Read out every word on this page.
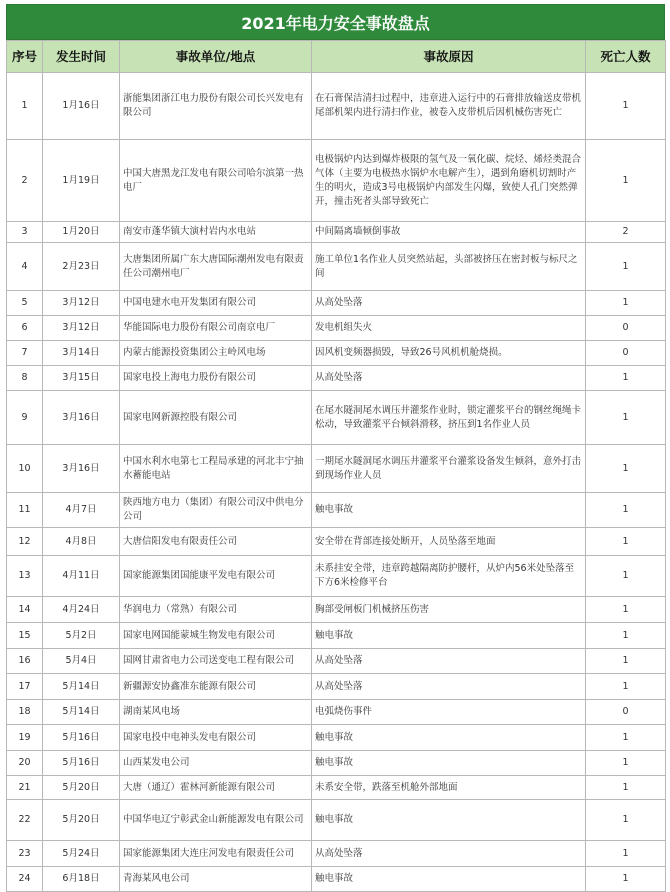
2021年电力安全事故盘点
序号	发生时间	事故单位/地点	事故原因	死亡人数
1	1月16日	浙能集团浙江电力股份有限公司长兴发电有限公司	在石膏保洁清扫过程中，违章进入运行中的石膏排放输送皮带机尾部机架内进行清扫作业，被卷入皮带机后因机械伤害死亡	1
2	1月19日	中国大唐黑龙江发电有限公司哈尔滨第一热电厂	电极锅炉内达到爆炸极限的氢气及一氧化碳、烷烃、烯烃类混合气体（主要为电极热水锅炉水电解产生），遇到角磨机切割时产生的明火，造成3号电极锅炉内部发生闪爆，致使人孔门突然弹开，撞击死者头部导致死亡	1
3	1月20日	南安市蓬华镇大演村岩内水电站	中间隔离墙倾倒事故	2
4	2月23日	大唐集团所属广东大唐国际潮州发电有限责任公司潮州电厂	施工单位1名作业人员突然站起，头部被挤压在密封板与标尺之间	1
5	3月12日	中国电建水电开发集团有限公司	从高处坠落	1
6	3月12日	华能国际电力股份有限公司南京电厂	发电机组失火	0
7	3月14日	内蒙古能源投资集团公主岭风电场	因风机变频器损毁，导致26号风机机舱烧损。	0
8	3月15日	国家电投上海电力股份有限公司	从高处坠落	1
9	3月16日	国家电网新源控股有限公司	在尾水隧洞尾水调压井灌浆作业时，锁定灌浆平台的钢丝绳绳卡松动，导致灌浆平台倾斜滑移，挤压到1名作业人员	1
10	3月16日	中国水利水电第七工程局承建的河北丰宁抽水蓄能电站	一期尾水隧洞尾水调压井灌浆平台灌浆设备发生倾斜，意外打击到现场作业人员	1
11	4月7日	陕西地方电力（集团）有限公司汉中供电分公司	触电事故	1
12	4月8日	大唐信阳发电有限责任公司	安全带在背部连接处断开，人员坠落至地面	1
13	4月11日	国家能源集团国能康平发电有限公司	未系挂安全带，违章跨越隔离防护腰杆，从炉内56米处坠落至下方6米检修平台	1
14	4月24日	华润电力（常熟）有限公司	胸部受闸板门机械挤压伤害	1
15	5月2日	国家电网国能蒙城生物发电有限公司	触电事故	1
16	5月4日	国网甘肃省电力公司送变电工程有限公司	从高处坠落	1
17	5月14日	新疆源安协鑫准东能源有限公司	从高处坠落	1
18	5月14日	湖南某风电场	电弧烧伤事件	0
19	5月16日	国家电投中电神头发电有限公司	触电事故	1
20	5月16日	山西某发电公司	触电事故	1
21	5月20日	大唐（通辽）霍林河新能源有限公司	未系安全带，跌落至机舱外部地面	1
22	5月20日	中国华电辽宁彰武金山新能源发电有限公司	触电事故	1
23	5月24日	国家能源集团大连庄河发电有限责任公司	从高处坠落	1
24	6月18日	青海某风电公司	触电事故	1
